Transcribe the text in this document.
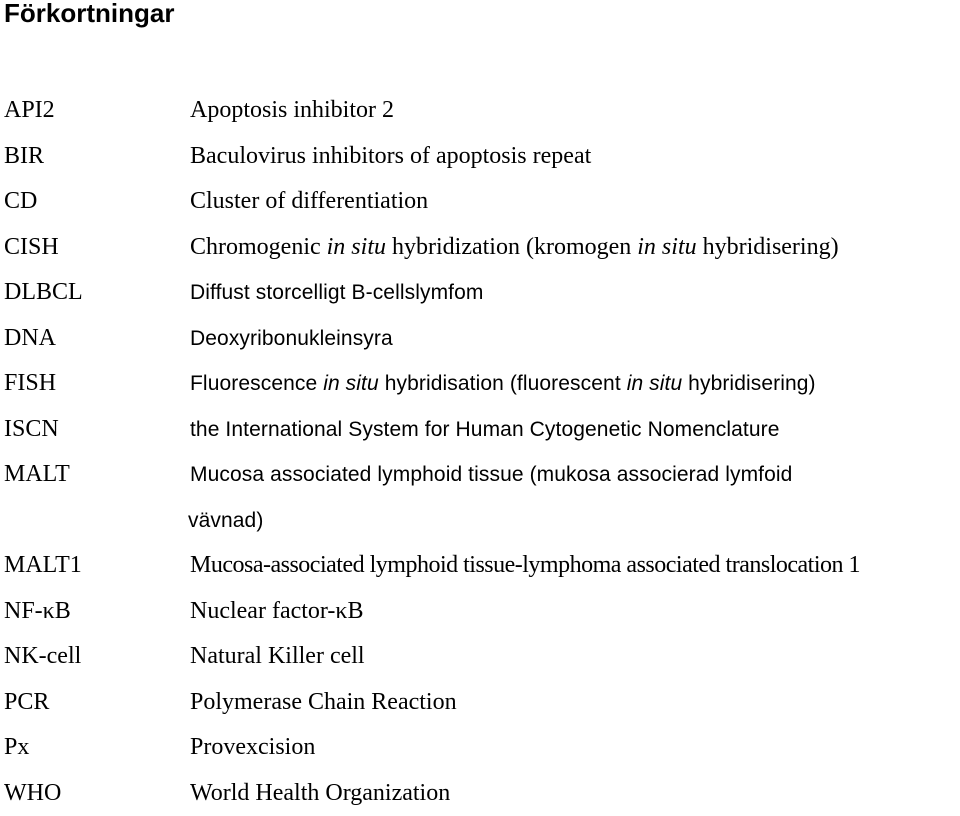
Förkortningar
API2	Apoptosis inhibitor 2
BIR	Baculovirus inhibitors of apoptosis repeat
CD	Cluster of differentiation
CISH	Chromogenic in situ hybridization (kromogen in situ hybridisering)
DLBCL	Diffust storcelligt B-cellslymfom
DNA	Deoxyribonukleinsyra
FISH	Fluorescence in situ hybridisation (fluorescent in situ hybridisering)
ISCN	the International System for Human Cytogenetic Nomenclature
MALT	Mucosa associated lymphoid tissue (mukosa associerad lymfoid
vävnad)
MALT1	Mucosa-associated lymphoid tissue-lymphoma associated translocation 1
NF-κB	Nuclear factor-κB
NK-cell	Natural Killer cell
PCR	Polymerase Chain Reaction
Px	Provexcision
WHO	World Health Organization
